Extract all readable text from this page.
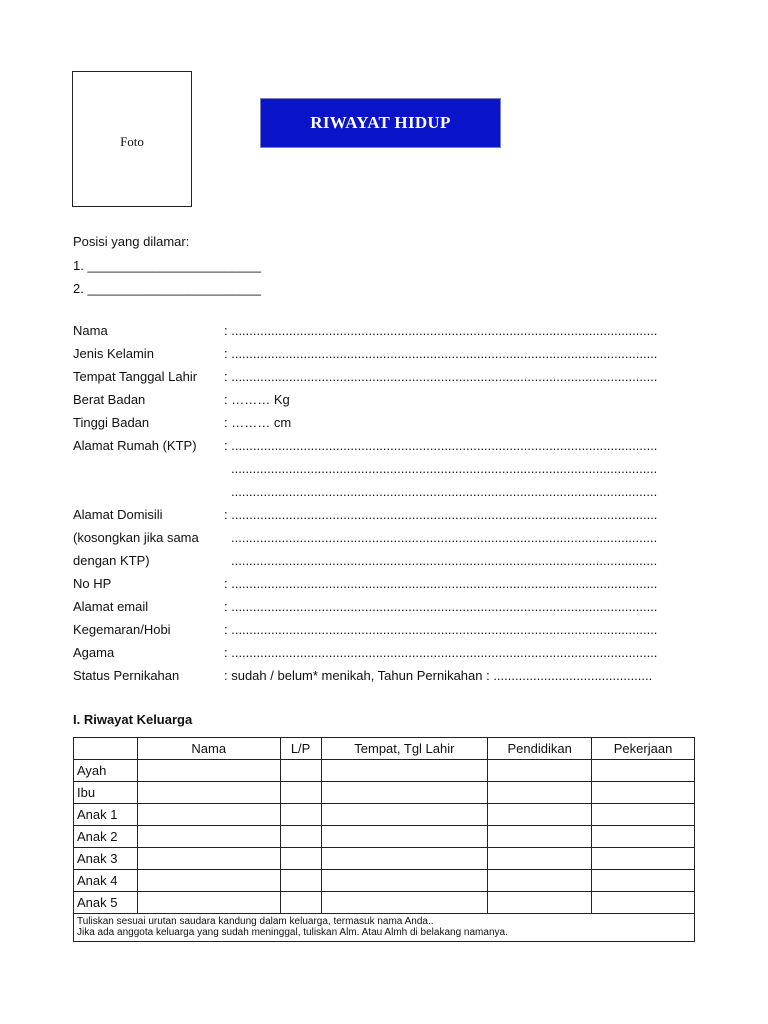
Foto
RIWAYAT HIDUP
Posisi yang dilamar:
1. ________________________
2. ________________________
Nama	: ......................................................................................................................
Jenis Kelamin	: ......................................................................................................................
Tempat Tanggal Lahir : ......................................................................................................................
Berat Badan	: ……… Kg
Tinggi Badan	: ……… cm
Alamat Rumah (KTP) : ......................................................................................................................
......................................................................................................................
......................................................................................................................
Alamat Domisili	: ......................................................................................................................
(kosongkan jika sama ......................................................................................................................
dengan KTP)	......................................................................................................................
No HP	: ......................................................................................................................
Alamat email	: ......................................................................................................................
Kegemaran/Hobi	: ......................................................................................................................
Agama	: ......................................................................................................................
Status Pernikahan	: sudah / belum* menikah, Tahun Pernikahan : ............................................
I. Riwayat Keluarga
	Nama	L/P	Tempat, Tgl Lahir	Pendidikan	Pekerjaan
Ayah					
Ibu					
Anak 1					
Anak 2					
Anak 3					
Anak 4					
Anak 5					

Tuliskan sesuai urutan saudara kandung dalam keluarga, termasuk nama Anda..
Jika ada anggota keluarga yang sudah meninggal, tuliskan Alm. Atau Almh di belakang namanya.					
